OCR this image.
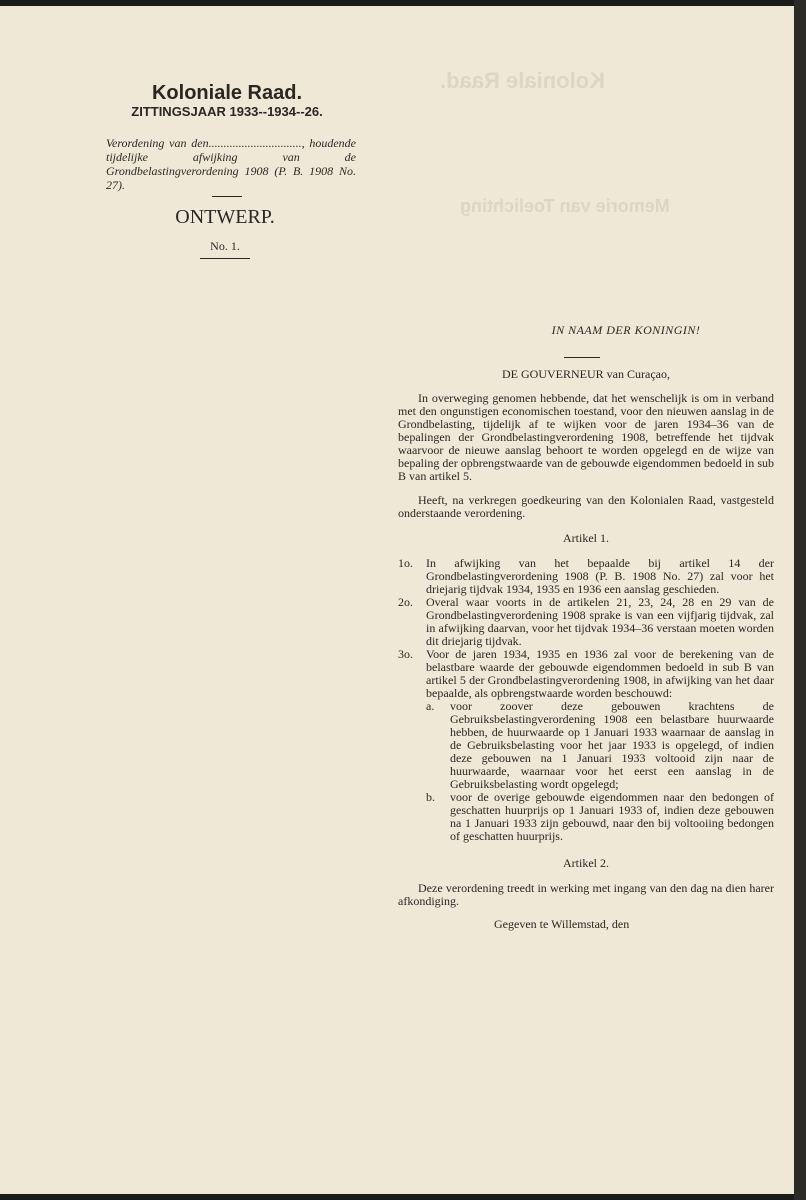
Koloniale Raad.
Memorie van Toelichting

Koloniale Raad.

ZITTINGSJAAR 1933--1934--26.

Verordening van den..............................., houdende tijdelijke afwijking van de Grondbelastingverordening 1908 (P. B. 1908 No. 27).

ONTWERP.
No. 1.

IN NAAM DER KONINGIN!

DE GOUVERNEUR van Curaçao,

In overweging genomen hebbende, dat het wenschelijk is om in verband met den ongunstigen economischen toestand, voor den nieuwen aanslag in de Grondbelasting, tijdelijk af te wijken voor de jaren 1934–36 van de bepalingen der Grondbelastingverordening 1908, betreffende het tijdvak waarvoor de nieuwe aanslag behoort te worden opgelegd en de wijze van bepaling der opbrengstwaarde van de gebouwde eigendommen bedoeld in sub B van artikel 5.

Heeft, na verkregen goedkeuring van den Kolonialen Raad, vastgesteld onderstaande verordening.

Artikel 1.

1o.	In afwijking van het bepaalde bij artikel 14 der Grondbelastingverordening 1908 (P. B. 1908 No. 27) zal voor het driejarig tijdvak 1934, 1935 en 1936 een aanslag geschieden.
2o.	Overal waar voorts in de artikelen 21, 23, 24, 28 en 29 van de Grondbelastingverordening 1908 sprake is van een vijfjarig tijdvak, zal in afwijking daarvan, voor het tijdvak 1934–36 verstaan moeten worden dit driejarig tijdvak.
3o.	Voor de jaren 1934, 1935 en 1936 zal voor de berekening van de belastbare waarde der gebouwde eigendommen bedoeld in sub B van artikel 5 der Grondbelastingverordening 1908, in afwijking van het daar bepaalde, als opbrengstwaarde worden beschouwd:
a.	voor zoover deze gebouwen krachtens de Gebruiksbelastingverordening 1908 een belastbare huurwaarde hebben, de huurwaarde op 1 Januari 1933 waarnaar de aanslag in de Gebruiksbelasting voor het jaar 1933 is opgelegd, of indien deze gebouwen na 1 Januari 1933 voltooid zijn naar de huurwaarde, waarnaar voor het eerst een aanslag in de Gebruiksbelasting wordt opgelegd;
b.	voor de overige gebouwde eigendommen naar den bedongen of geschatten huurprijs op 1 Januari 1933 of, indien deze gebouwen na 1 Januari 1933 zijn gebouwd, naar den bij voltooiing bedongen of geschatten huurprijs.

Artikel 2.

Deze verordening treedt in werking met ingang van den dag na dien harer afkondiging.

Gegeven te Willemstad, den
